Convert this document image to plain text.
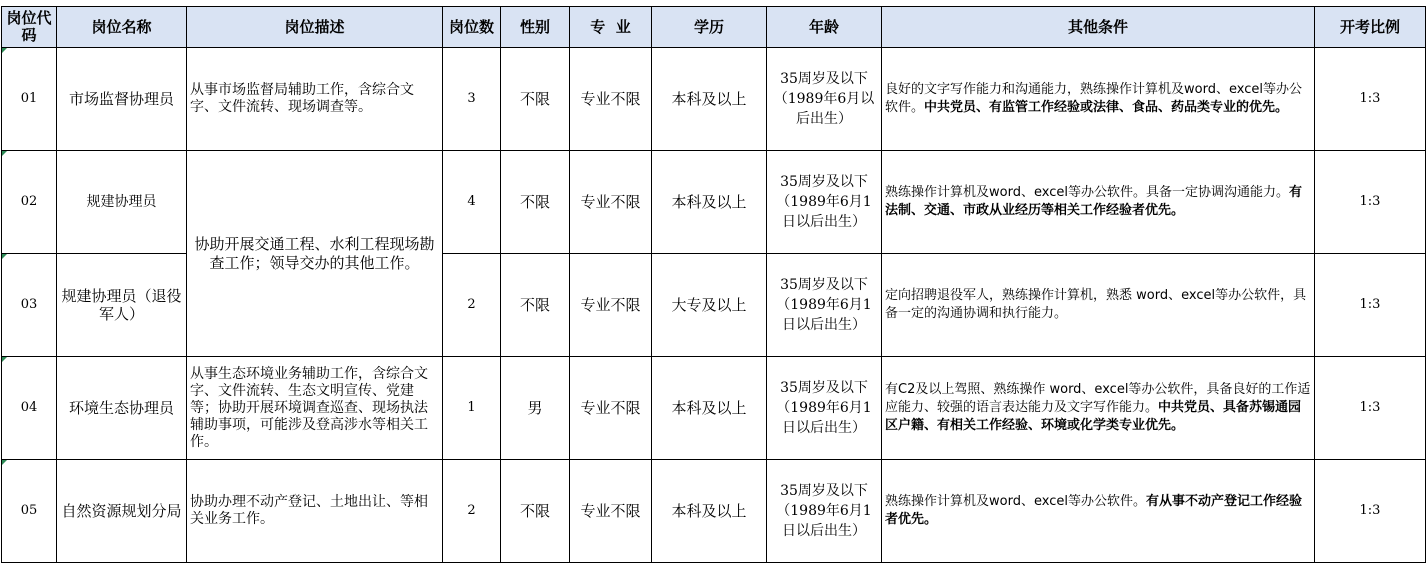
岗位代码	岗位名称	岗位描述	岗位数	性别	专  业	学历	年龄	其他条件	开考比例

01	市场监督协理员	从事市场监督局辅助工作，含综合文字、文件流转、现场调查等。	3	不限	专业不限	本科及以上	35周岁及以下（1989年6月以后出生）	良好的文字写作能力和沟通能力，熟练操作计算机及word、excel等办公软件。中共党员、有监管工作经验或法律、食品、药品类专业的优先。	1:3

02	规建协理员	协助开展交通工程、水利工程现场勘查工作；领导交办的其他工作。	4	不限	专业不限	本科及以上	35周岁及以下（1989年6月1日以后出生）	熟练操作计算机及word、excel等办公软件。具备一定协调沟通能力。有法制、交通、市政从业经历等相关工作经验者优先。	1:3

03	规建协理员（退役军人）		2	不限	专业不限	大专及以上	35周岁及以下（1989年6月1日以后出生）	定向招聘退役军人，熟练操作计算机，熟悉 word、excel等办公软件，具备一定的沟通协调和执行能力。	1:3

04	环境生态协理员	从事生态环境业务辅助工作，含综合文字、文件流转、生态文明宣传、党建等；协助开展环境调查巡查、现场执法辅助事项，可能涉及登高涉水等相关工作。	1	男	专业不限	本科及以上	35周岁及以下（1989年6月1日以后出生）	有C2及以上驾照、熟练操作 word、excel等办公软件，具备良好的工作适应能力、较强的语言表达能力及文字写作能力。中共党员、具备苏锡通园区户籍、有相关工作经验、环境或化学类专业优先。	1:3

05	自然资源规划分局	协助办理不动产登记、土地出让、等相关业务工作。	2	不限	专业不限	本科及以上	35周岁及以下（1989年6月1日以后出生）	熟练操作计算机及word、excel等办公软件。有从事不动产登记工作经验者优先。	1:3
